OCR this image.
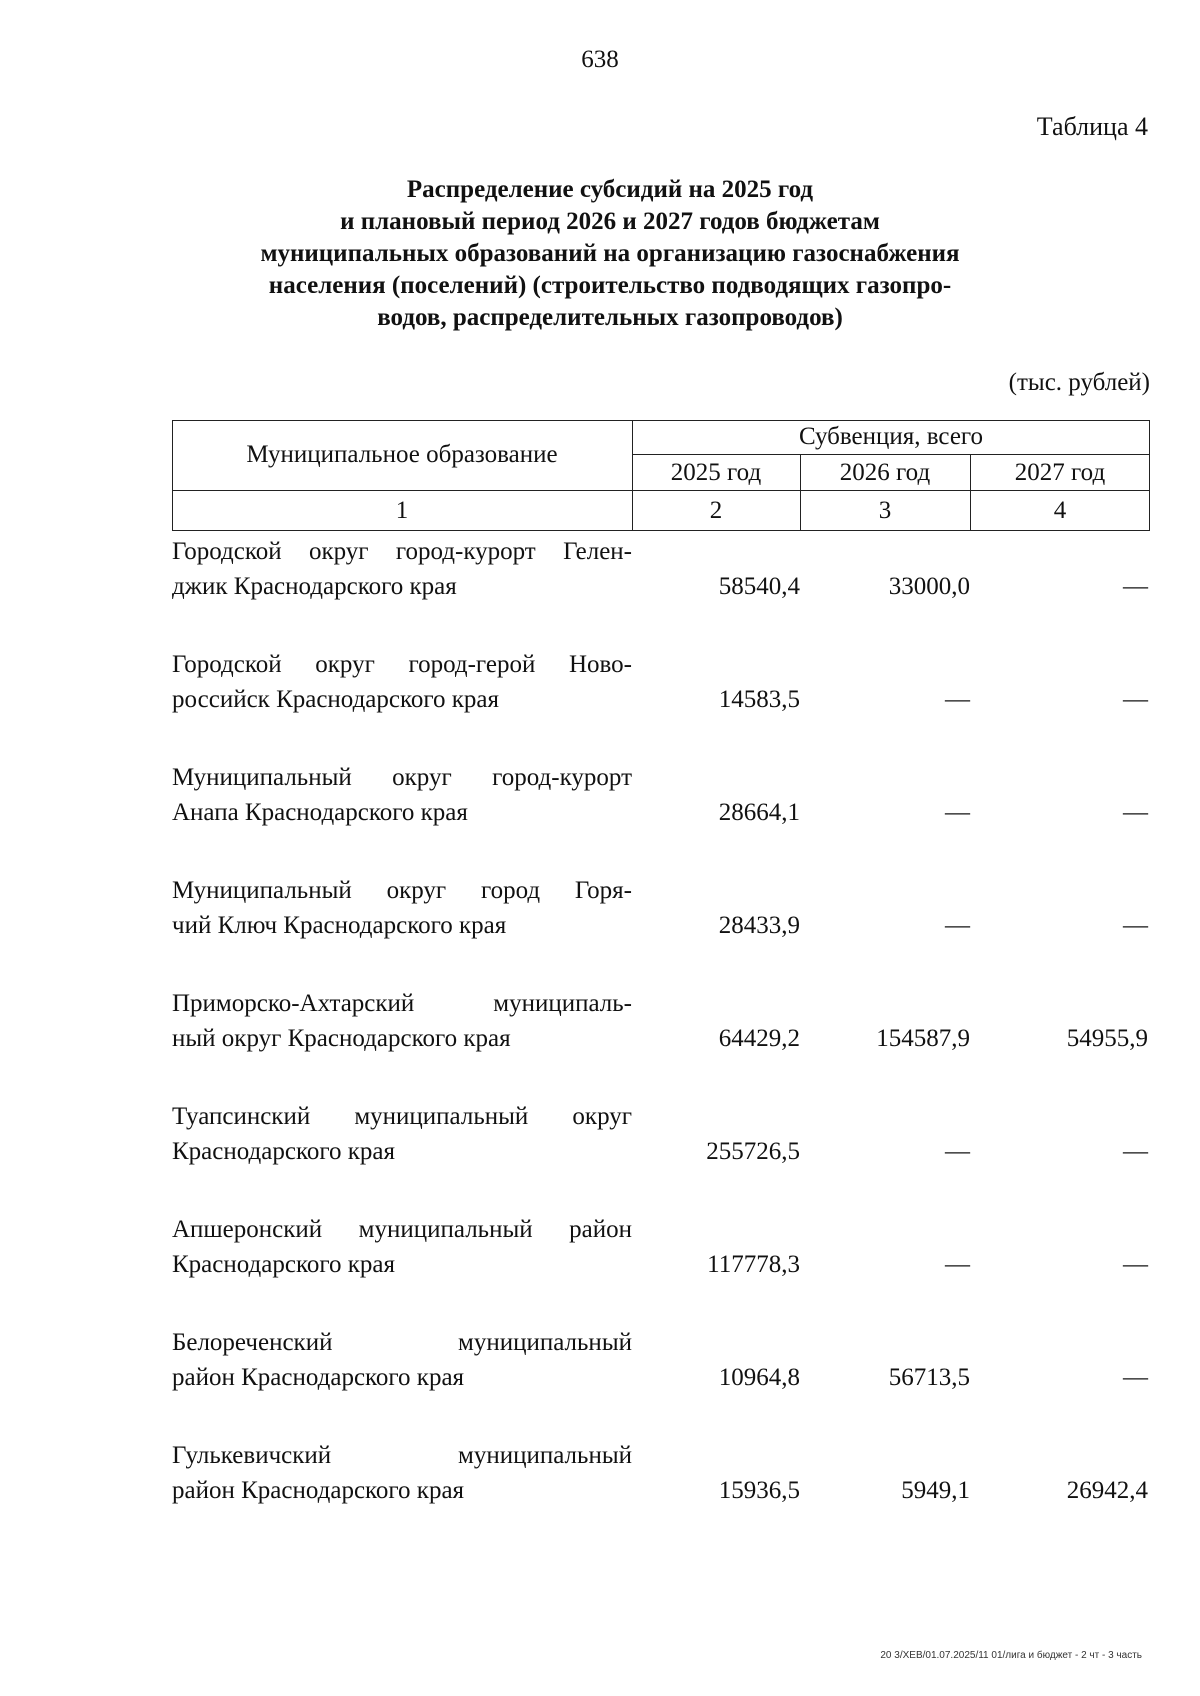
638
Таблица 4
Распределение субсидий на 2025 год
и плановый период 2026 и 2027 годов бюджетам
муниципальных образований на организацию газоснабжения
населения (поселений) (строительство подводящих газопро-
водов, распределительных газопроводов)
(тыс. рублей)
Муниципальное образование
Субвенция, всего
2025 год	2026 год	2027 год
1	2	3	4
Городской округ город-курорт Гелен-
джик Краснодарского края	58540,4	33000,0	—
Городской округ город-герой Ново-
российск Краснодарского края	14583,5	—	—
Муниципальный округ город-курорт
Анапа Краснодарского края	28664,1	—	—
Муниципальный округ город Горя-
чий Ключ Краснодарского края	28433,9	—	—
Приморско-Ахтарский муниципаль-
ный округ Краснодарского края	64429,2	154587,9	54955,9
Туапсинский муниципальный округ
Краснодарского края	255726,5	—	—
Апшеронский муниципальный район
Краснодарского края	117778,3	—	—
Белореченский муниципальный
район Краснодарского края	10964,8	56713,5	—
Гулькевичский муниципальный
район Краснодарского края	15936,5	5949,1	26942,4
20 3/XEB/01.07.2025/11 01/лига и бюджет - 2 чт - 3 часть
